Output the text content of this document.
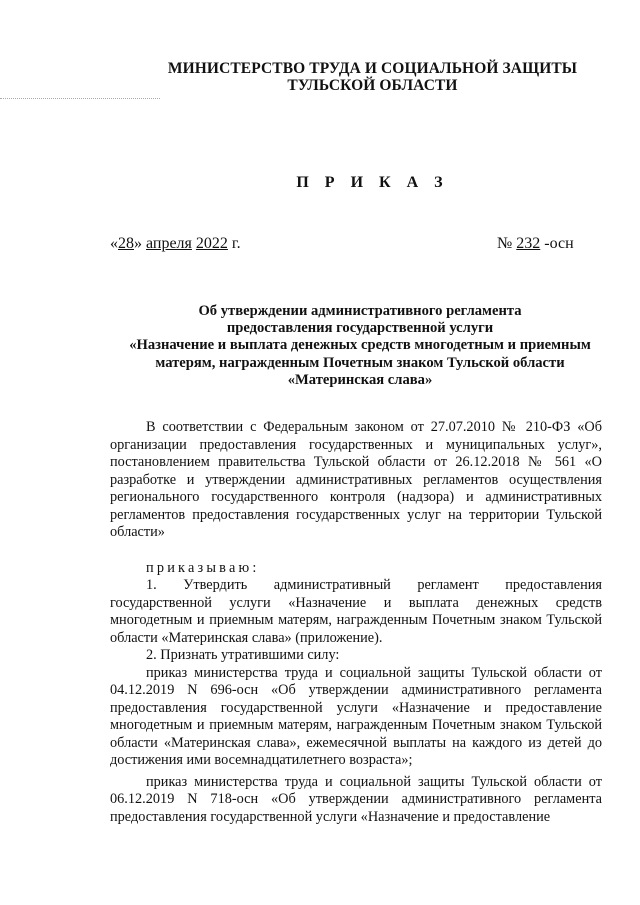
МИНИСТЕРСТВО ТРУДА И СОЦИАЛЬНОЙ ЗАЩИТЫ
ТУЛЬСКОЙ ОБЛАСТИ
П Р И К А З
«28» апреля 2022 г.	№ 232 -осн
Об утверждении административного регламента
предоставления государственной услуги
«Назначение и выплата денежных средств многодетным и приемным
матерям, награжденным Почетным знаком Тульской области
«Материнская слава»

В соответствии с Федеральным законом от 27.07.2010 № 210-ФЗ «Об организации предоставления государственных и муниципальных услуг», постановлением правительства Тульской области от 26.12.2018 № 561 «О разработке и утверждении административных регламентов осуществления регионального государственного контроля (надзора) и административных регламентов предоставления государственных услуг на территории Тульской области»

приказываю:

1. Утвердить административный регламент предоставления государственной услуги «Назначение и выплата денежных средств многодетным и приемным матерям, награжденным Почетным знаком Тульской области «Материнская слава» (приложение).

2. Признать утратившими силу:

приказ министерства труда и социальной защиты Тульской области от 04.12.2019 N 696-осн «Об утверждении административного регламента предоставления государственной услуги «Назначение и предоставление многодетным и приемным матерям, награжденным Почетным знаком Тульской области «Материнская слава», ежемесячной выплаты на каждого из детей до достижения ими восемнадцатилетнего возраста»;

приказ министерства труда и социальной защиты Тульской области от 06.12.2019 N 718-осн «Об утверждении административного регламента предоставления государственной услуги «Назначение и предоставление
